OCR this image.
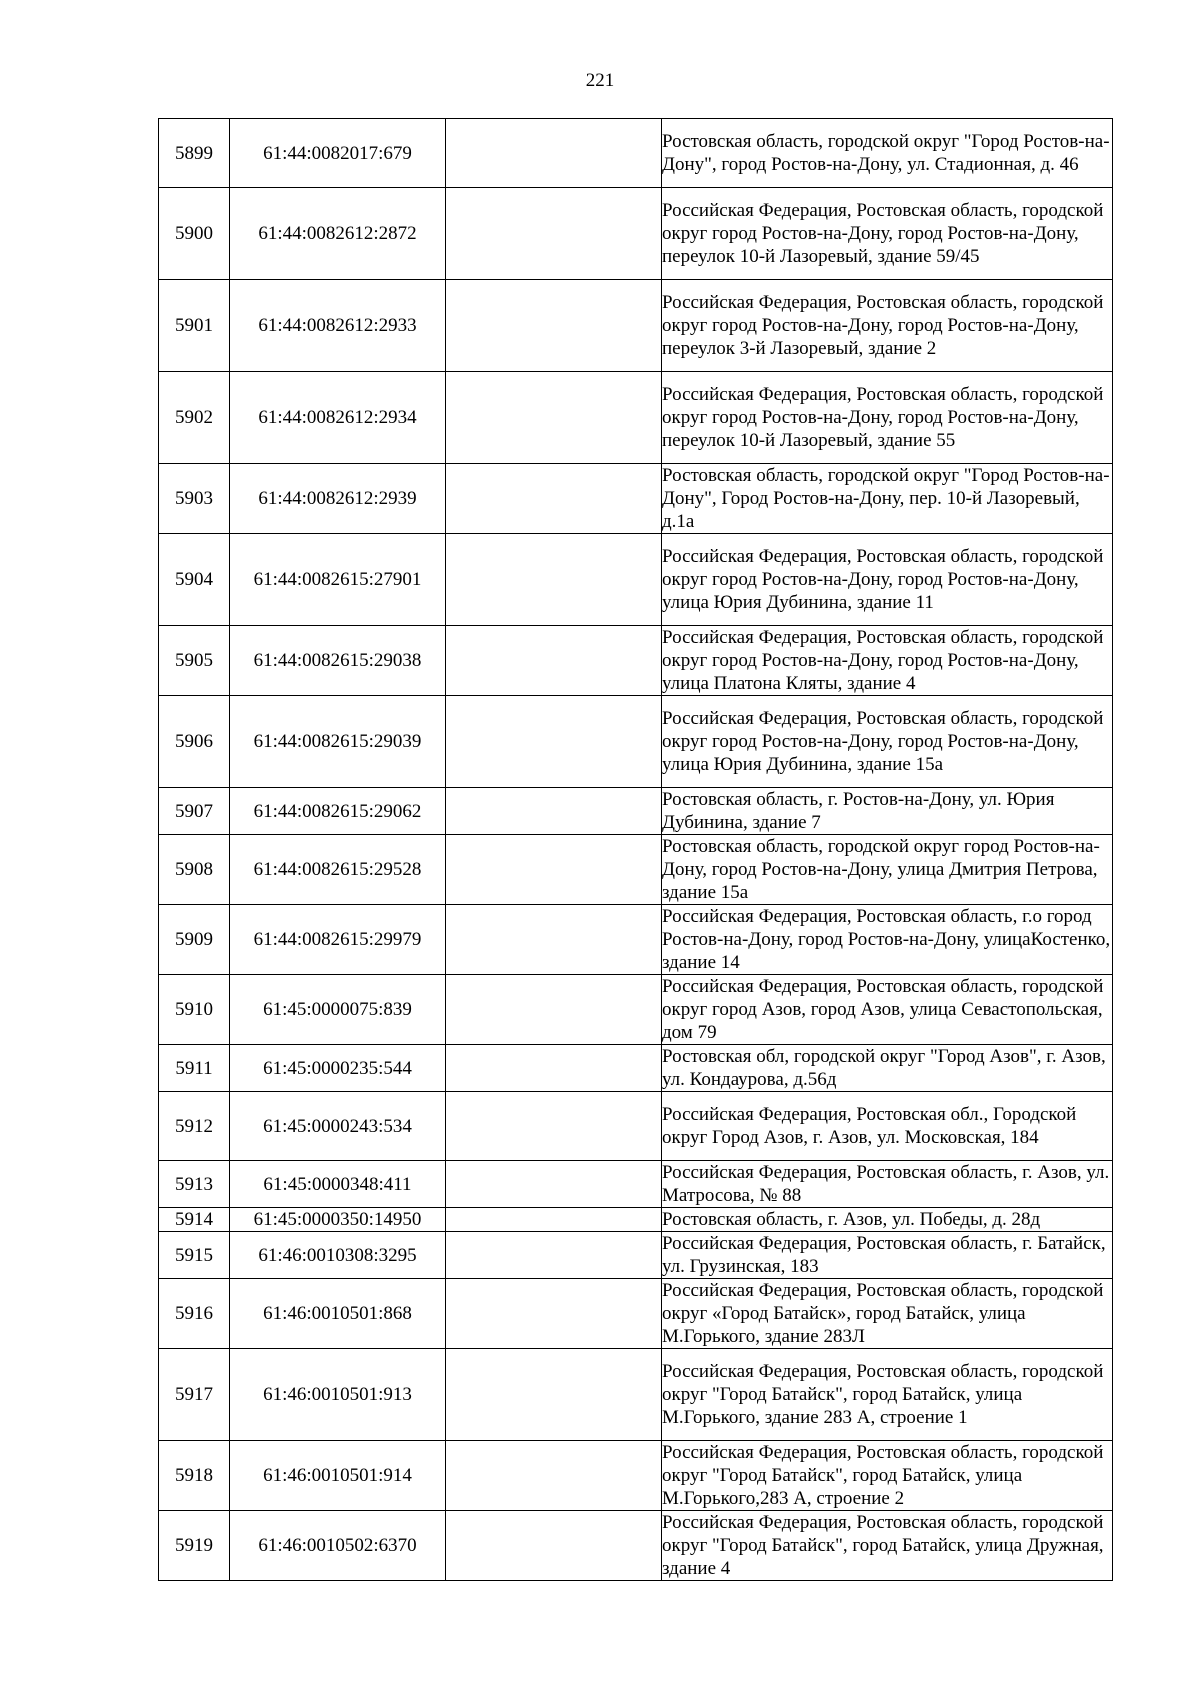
221
5899	61:44:0082017:679		Ростовская область, городской округ "Город Ростов-на-Дону", город Ростов-на-Дону, ул. Стадионная, д. 46
5900	61:44:0082612:2872		Российская Федерация, Ростовская область, городской округ город Ростов-на-Дону, город Ростов-на-Дону, переулок 10-й Лазоревый, здание 59/45
5901	61:44:0082612:2933		Российская Федерация, Ростовская область, городской округ город Ростов-на-Дону, город Ростов-на-Дону, переулок 3-й Лазоревый, здание 2
5902	61:44:0082612:2934		Российская Федерация, Ростовская область, городской округ город Ростов-на-Дону, город Ростов-на-Дону, переулок 10-й Лазоревый, здание 55
5903	61:44:0082612:2939		Ростовская область, городской округ "Город Ростов-на-Дону", Город Ростов-на-Дону, пер. 10-й Лазоревый, д.1а
5904	61:44:0082615:27901		Российская Федерация, Ростовская область, городской округ город Ростов-на-Дону, город Ростов-на-Дону, улица Юрия Дубинина, здание 11
5905	61:44:0082615:29038		Российская Федерация, Ростовская область, городской округ город Ростов-на-Дону, город Ростов-на-Дону, улица Платона Кляты, здание 4
5906	61:44:0082615:29039		Российская Федерация, Ростовская область, городской округ город Ростов-на-Дону, город Ростов-на-Дону, улица Юрия Дубинина, здание 15а
5907	61:44:0082615:29062		Ростовская область, г. Ростов-на-Дону, ул. Юрия Дубинина, здание 7
5908	61:44:0082615:29528		Ростовская область, городской округ город Ростов-на-Дону, город Ростов-на-Дону, улица Дмитрия Петрова, здание 15а
5909	61:44:0082615:29979		Российская Федерация, Ростовская область, г.о город Ростов-на-Дону, город Ростов-на-Дону, улицаКостенко, здание 14
5910	61:45:0000075:839		Российская Федерация, Ростовская область, городской округ город Азов, город Азов, улица Севастопольская, дом 79
5911	61:45:0000235:544		Ростовская обл, городской округ "Город Азов", г. Азов, ул. Кондаурова, д.56д
5912	61:45:0000243:534		Российская Федерация, Ростовская обл., Городской округ Город Азов, г. Азов, ул. Московская, 184
5913	61:45:0000348:411		Российская Федерация, Ростовская область, г. Азов, ул. Матросова, № 88
5914	61:45:0000350:14950		Ростовская область, г. Азов, ул. Победы, д. 28д
5915	61:46:0010308:3295		Российская Федерация, Ростовская область, г. Батайск, ул. Грузинская, 183
5916	61:46:0010501:868		Российская Федерация, Ростовская область, городской округ «Город Батайск», город Батайск, улица М.Горького, здание 283Л
5917	61:46:0010501:913		Российская Федерация, Ростовская область, городской округ "Город Батайск", город Батайск, улица М.Горького, здание 283 А, строение 1
5918	61:46:0010501:914		Российская Федерация, Ростовская область, городской округ "Город Батайск", город Батайск, улица М.Горького,283 А, строение 2
5919	61:46:0010502:6370		Российская Федерация, Ростовская область, городской округ "Город Батайск", город Батайск, улица Дружная, здание 4
